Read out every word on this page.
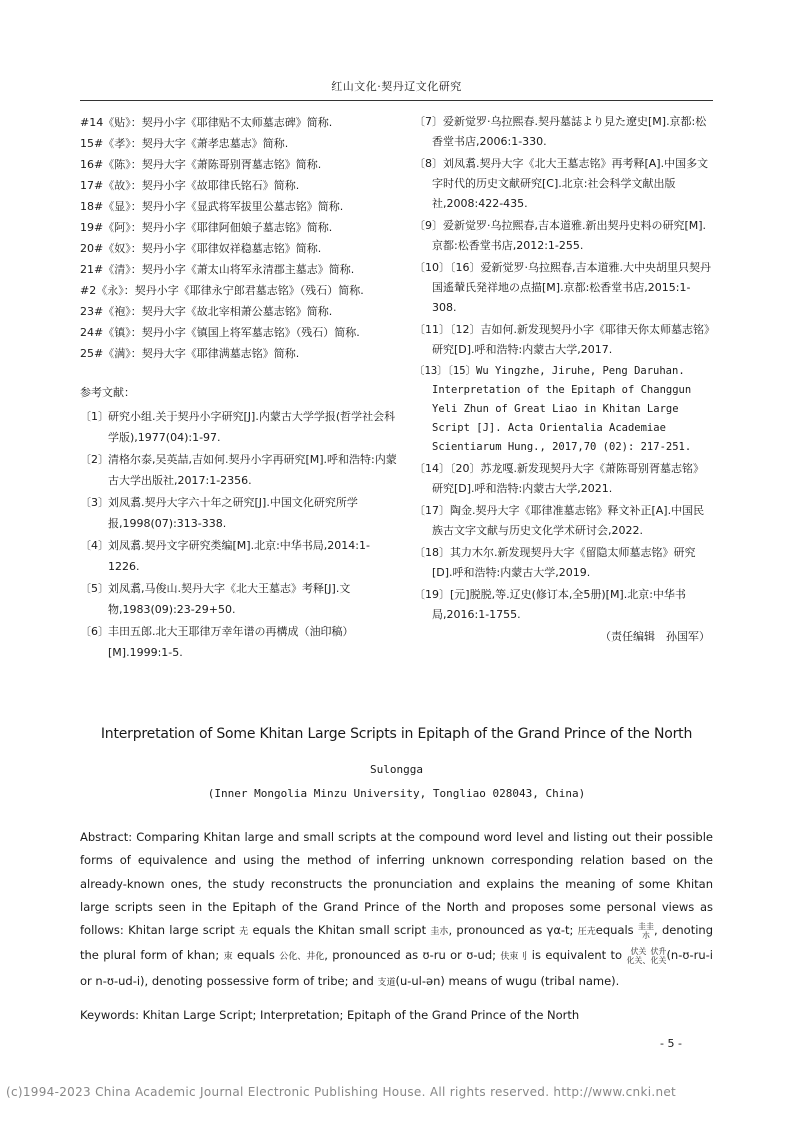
红山文化·契丹辽文化研究
#14《贴》：契丹小字《耶律贴不太师墓志碑》简称.
15#《孝》：契丹大字《萧孝忠墓志》简称.
16#《陈》：契丹大字《萧陈哥别胥墓志铭》简称.
17#《故》：契丹小字《故耶律氏铭石》简称.
18#《显》：契丹小字《显武将军拔里公墓志铭》简称.
19#《阿》：契丹小字《耶律阿佃娘子墓志铭》简称.
20#《奴》：契丹小字《耶律奴祥稳墓志铭》简称.
21#《清》：契丹小字《萧太山将军永清郡主墓志》简称.
#2《永》：契丹小字《耶律永宁郎君墓志铭》（残石）简称.
23#《袍》：契丹大字《故北宰相萧公墓志铭》简称.
24#《镇》：契丹小字《镇国上将军墓志铭》（残石）简称.
25#《满》：契丹大字《耶律满墓志铭》简称.
参考文献：
〔1〕 研究小组.关于契丹小字研究[J].内蒙古大学学报(哲学社会科学版),1977(04):1-97.
〔2〕 清格尔泰,吴英喆,吉如何.契丹小字再研究[M].呼和浩特:内蒙古大学出版社,2017:1-2356.
〔3〕 刘凤翥.契丹大字六十年之研究[J].中国文化研究所学报,1998(07):313-338.
〔4〕 刘凤翥.契丹文字研究类编[M].北京:中华书局,2014:1-1226.
〔5〕 刘凤翥,马俊山.契丹大字《北大王墓志》考释[J].文物,1983(09):23-29+50.
〔6〕 丰田五郎.北大王耶律万幸年谱の再構成（油印稿）[M].1999:1-5.
〔7〕爱新觉罗·乌拉熙春.契丹墓誌より見た遼史[M].京都:松香堂书店,2006:1-330.
〔8〕刘凤翥.契丹大字《北大王墓志铭》再考释[A].中国多文字时代的历史文献研究[C].北京:社会科学文献出版社,2008:422-435.
〔9〕爱新觉罗·乌拉熙春,吉本道雅.新出契丹史料の研究[M].京都:松香堂书店,2012:1-255.
〔10〕〔16〕爱新觉罗·乌拉熙春,吉本道雅.大中央胡里只契丹国遙輦氏発祥地の点描[M].京都:松香堂书店,2015:1-308.
〔11〕〔12〕吉如何.新发现契丹小字《耶律天你太师墓志铭》研究[D].呼和浩特:内蒙古大学,2017.
〔13〕〔15〕Wu Yingzhe, Jiruhe, Peng Daruhan. Interpretation of the Epitaph of Changgun Yeli Zhun of Great Liao in Khitan Large Script [J]. Acta Orientalia Academiae Scientiarum Hung., 2017,70 (02): 217-251.
〔14〕〔20〕苏龙嘎.新发现契丹大字《萧陈哥别胥墓志铭》研究[D].呼和浩特:内蒙古大学,2021.
〔17〕陶金.契丹大字《耶律准墓志铭》释文补正[A].中国民族古文字文献与历史文化学术研讨会,2022.
〔18〕其力木尔.新发现契丹大字《留隐太师墓志铭》研究[D].呼和浩特:内蒙古大学,2019.
〔19〕[元]脱脱,等.辽史(修订本,全5册)[M].北京:中华书局,2016:1-1755.
（责任编辑　孙国军）
Interpretation of Some Khitan Large Scripts in Epitaph of the Grand Prince of the North
Sulongga
(Inner Mongolia Minzu University, Tongliao 028043, China)
Abstract: Comparing Khitan large and small scripts at the compound word level and listing out their possible forms of equivalence and using the method of inferring unknown corresponding relation based on the already-known ones, the study reconstructs the pronunciation and explains the meaning of some Khitan large scripts seen in the Epitaph of the Grand Prince of the North and proposes some personal views as follows: Khitan large script 圥 equals the Khitan small script 圭朩, pronounced as γα-t; 圧圥equals 圭圭
朩 , denoting the plural form of khan; 朿 equals 公化、井化, pronounced as ʊ-ru or ʊ-ud; 伕朿刂 is equivalent to 伏关
化关、伏升
化关(n-ʊ-ru-i or n-ʊ-ud-i), denoting possessive form of tribe; and 支道(u-ul-ən) means of wugu (tribal name).
Keywords: Khitan Large Script; Interpretation; Epitaph of the Grand Prince of the North
- 5 -
(c)1994-2023 China Academic Journal Electronic Publishing House. All rights reserved. http://www.cnki.net
